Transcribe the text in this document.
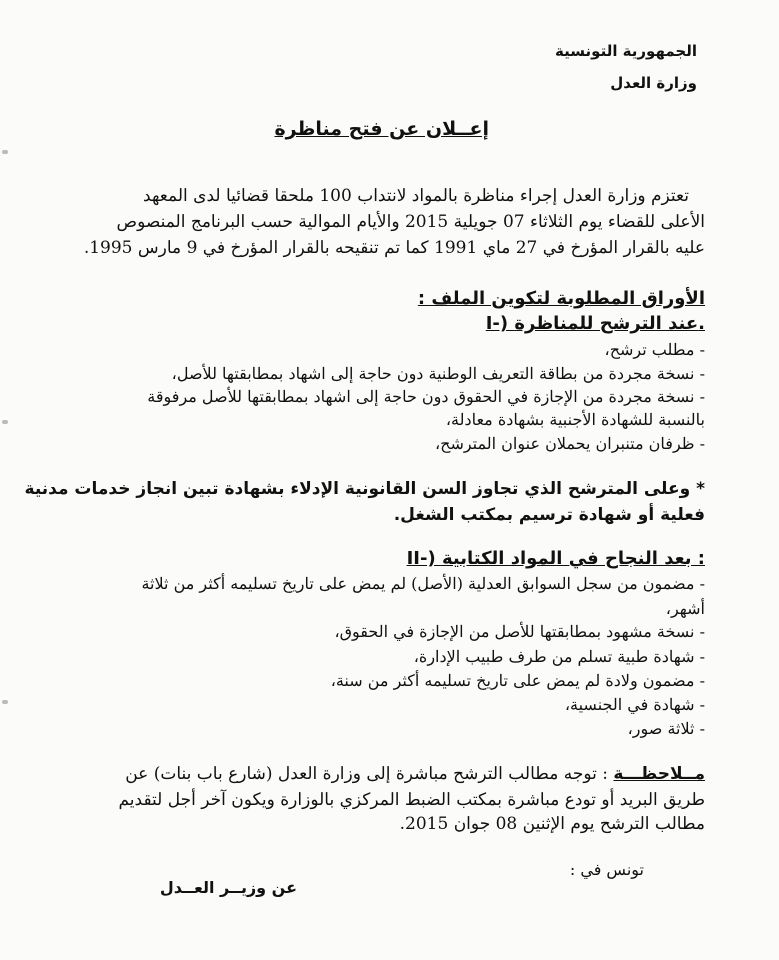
الجمهورية التونسية
وزارة العدل
إعــلان عن فتح مناظرة
تعتزم وزارة العدل إجراء مناظرة بالمواد لانتداب 100 ملحقا قضائيا لدى المعهد
الأعلى للقضاء يوم الثلاثاء 07 جويلية 2015 والأيام الموالية حسب البرنامج المنصوص
عليه بالقرار المؤرخ في 27 ماي 1991 كما تم تنقيحه بالقرار المؤرخ في 9 مارس 1995.
الأوراق المطلوبة لتكوين الملف :
I-) عند الترشح للمناظرة.
- مطلب ترشح،
- نسخة مجردة من بطاقة التعريف الوطنية دون حاجة إلى اشهاد بمطابقتها للأصل،
- نسخة مجردة من الإجازة في الحقوق دون حاجة إلى اشهاد بمطابقتها للأصل مرفوقة
بالنسبة للشهادة الأجنبية بشهادة معادلة،
- ظرفان متنبران يحملان عنوان المترشح،
* وعلى المترشح الذي تجاوز السن القانونية الإدلاء بشهادة تبين انجاز خدمات مدنية
فعلية أو شهادة ترسيم بمكتب الشغل.
II-) بعد النجاح في المواد الكتابية :
- مضمون من سجل السوابق العدلية (الأصل) لم يمض على تاريخ تسليمه أكثر من ثلاثة
أشهر،
- نسخة مشهود بمطابقتها للأصل من الإجازة في الحقوق،
- شهادة طبية تسلم من طرف طبيب الإدارة،
- مضمون ولادة لم يمض على تاريخ تسليمه أكثر من سنة،
- شهادة في الجنسية،
- ثلاثة صور،
مــلاحظـــة : توجه مطالب الترشح مباشرة إلى وزارة العدل (شارع باب بنات) عن
طريق البريد أو تودع مباشرة بمكتب الضبط المركزي بالوزارة ويكون آخر أجل لتقديم
مطالب الترشح يوم الإثنين 08 جوان 2015.
تونس في :
عن وزيــر العــدل
